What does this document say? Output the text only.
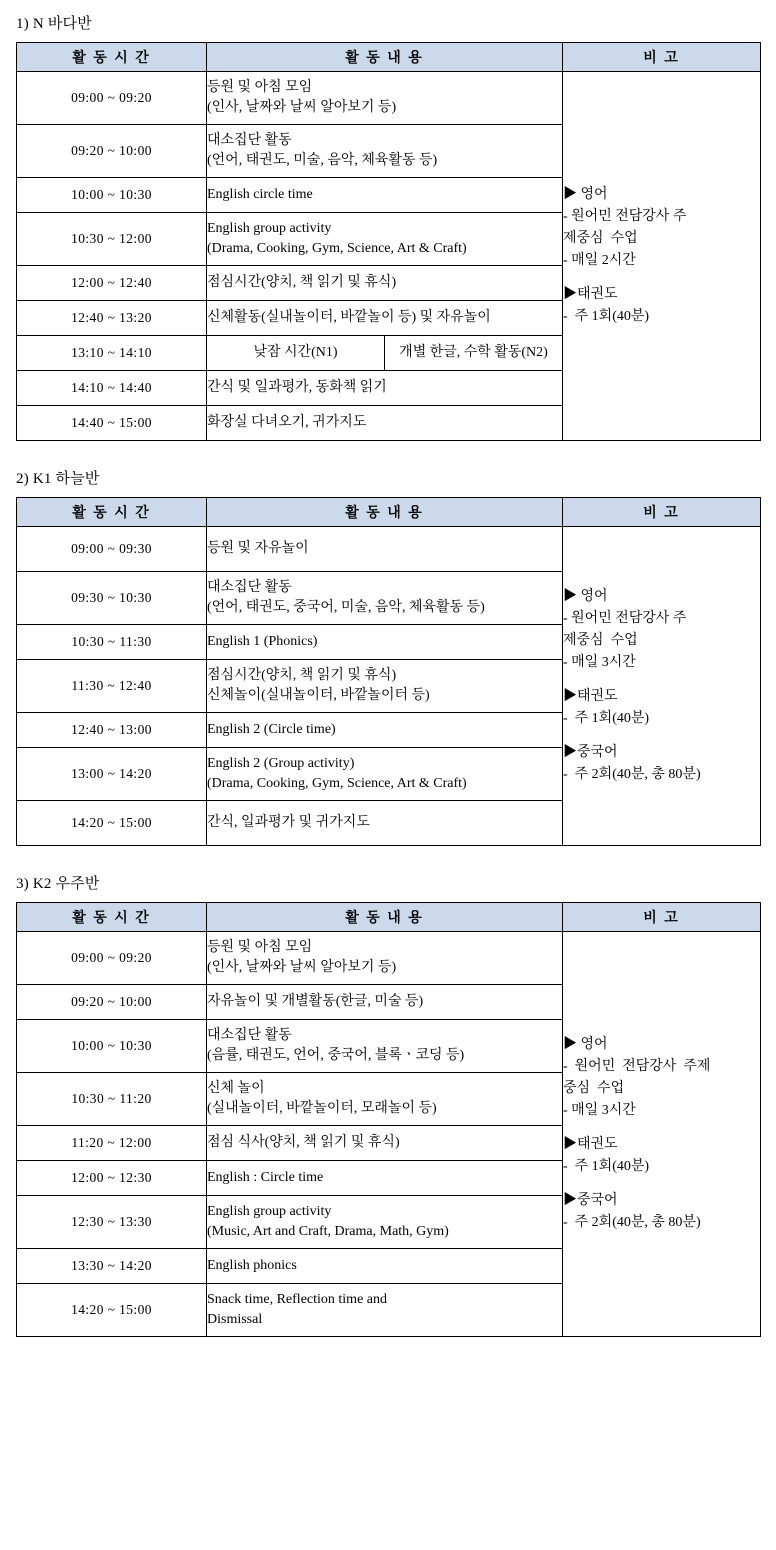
1) N 바다반
활 동 시 간	활 동 내 용	비 고
09:00 ~ 09:20	
등원 및 아침 모임
(인사, 날짜와 날씨 알아보기 등)

▶ 영어
- 원어민 전담강사 주
제중심  수업
- 매일 2시간
▶태권도
-  주 1회(40분)

09:20 ~ 10:00	
대소집단 활동
(언어, 태권도, 미술, 음악, 체육활동 등)

10:00 ~ 10:30	English circle time
10:30 ~ 12:00	
English group activity
(Drama, Cooking, Gym, Science, Art & Craft)

12:00 ~ 12:40	점심시간(양치, 책 읽기 및 휴식)
12:40 ~ 13:20	신체활동(실내놀이터, 바깥놀이 등) 및 자유놀이
13:10 ~ 14:10		낮잠 시간(N1)	개별 한글, 수학 활동(N2)

14:10 ~ 14:40	간식 및 일과평가, 동화책 읽기
14:40 ~ 15:00	화장실 다녀오기, 귀가지도
2) K1 하늘반
활 동 시 간	활 동 내 용	비 고
09:00 ~ 09:30	등원 및 자유놀이	
▶ 영어
- 원어민 전담강사 주
제중심  수업
- 매일 3시간
▶태권도
-  주 1회(40분)
▶중국어
-  주 2회(40분, 총 80분)

09:30 ~ 10:30	대소집단 활동
(언어, 태권도, 중국어, 미술, 음악, 체육활동 등)	

10:30 ~ 11:30	English 1 (Phonics)	
11:30 ~ 12:40	점심시간(양치, 책 읽기 및 휴식)
신체놀이(실내놀이터, 바깥놀이터 등)	

12:40 ~ 13:00	English 2 (Circle time)	
13:00 ~ 14:20	English 2 (Group activity)
(Drama, Cooking, Gym, Science, Art & Craft)	

14:20 ~ 15:00	간식, 일과평가 및 귀가지도	
3) K2 우주반
활 동 시 간	활 동 내 용	비 고
09:00 ~ 09:20	
등원 및 아침 모임
(인사, 날짜와 날씨 알아보기 등)

▶ 영어
-  원어민  전담강사  주제
중심  수업
- 매일 3시간
▶태권도
-  주 1회(40분)
▶중국어
-  주 2회(40분, 총 80분)

09:20 ~ 10:00	자유놀이 및 개별활동(한글, 미술 등)	
10:00 ~ 10:30	대소집단 활동
(음률, 태권도, 언어, 중국어, 블록ㆍ코딩 등)	

10:30 ~ 11:20	신체 놀이
(실내놀이터, 바깥놀이터, 모래놀이 등)	

11:20 ~ 12:00	점심 식사(양치, 책 읽기 및 휴식)	
12:00 ~ 12:30	English : Circle time	
12:30 ~ 13:30	English group activity
(Music, Art and Craft, Drama, Math, Gym)	

13:30 ~ 14:20	English phonics	
14:20 ~ 15:00	Snack time, Reflection time and
Dismissal	
